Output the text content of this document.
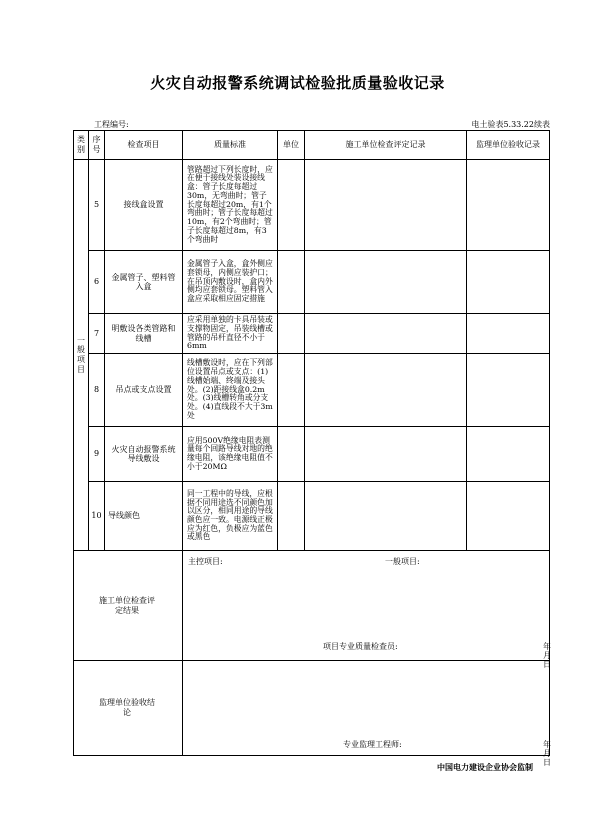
火灾自动报警系统调试检验批质量验收记录
工程编号:	电土验表5.33.22续表
类别	序号	检查项目	质量标准	单位	施工单位检查评定记录	监理单位验收记录

一般项目	5	接线盒设置	管路超过下列长度时，应在便于接线处装设接线盒：管子长度每超过30m，无弯曲时；管子长度每超过20m，有1个弯曲时；管子长度每超过10m，有2个弯曲时；管子长度每超过8m，有3个弯曲时			
	6	金属管子、塑料管入盒	金属管子入盒，盒外侧应套锁母，内侧应装护口；在吊顶内敷设时，盒内外侧均应套锁母。塑料管入盒应采取相应固定措施			
	7	明敷设各类管路和线槽	应采用单独的卡具吊装或支撑物固定，吊装线槽或管路的吊杆直径不小于6mm			
	8	吊点或支点设置	线槽敷设时，应在下列部位设置吊点或支点：(1)线槽始端、终端及接头处。(2)距接线盒0.2m处。(3)线槽转角或分支处。(4)直线段不大于3m处			
	9	火灾自动报警系统导线敷设	应用500V绝缘电阻表测量每个回路导线对地的绝缘电阻，该绝缘电阻值不小于20MΩ			
	10	导线颜色	同一工程中的导线，应根据不同用途选不同颜色加以区分，相同用途的导线颜色应一致。电源线正极应为红色，负极应为蓝色或黑色			
施工单位检查评定结果			主控项目: 一般项目:
项目专业质量检查员: 年　月　日			

监理单位验收结论			专业监理工程师: 年　月　日			
中国电力建设企业协会监制
